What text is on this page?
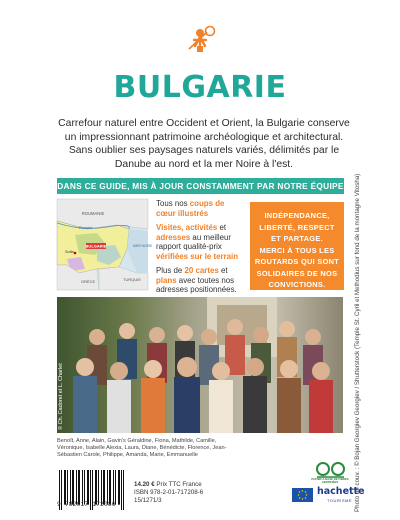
BULGARIE

Carrefour naturel entre Occident et Orient, la Bulgarie conserve un impressionnant patrimoine archéologique et architectural. Sans oublier ses paysages naturels variés, délimités par le Danube au nord et la mer Noire à l'est.

DANS CE GUIDE, MIS À JOUR CONSTAMMENT PAR NOTRE ÉQUIPE
BULGARIE
ROUMANIE
Danube
Sofia
MER NOIRE
TURQUIE
GRÈCE

Tous nos coups de cœur illustrés

Visites, activités et adresses au meilleur rapport qualité-prix vérifiées sur le terrain

Plus de 20 cartes et plans avec toutes nos adresses positionnées.

INDÉPENDANCE,
LIBERTÉ, RESPECT
ET PARTAGE.
MERCI À TOUS LES
ROUTARDS QUI SONT
SOLIDAIRES DE NOS
CONVICTIONS.
© Ch. Cadoret et L. Charlet
Benoît, Anne, Alain, Gavin's Géraldine, Fiona, Mathilde, Camille, Véronique, Isabelle Alexia, Laura, Diane, Bénédicte, Florence, Jean-Sébastien Carole, Philippe, Amanda, Marie, Emmanuelle
9 782017 172086
14.20 € Prix TTC France
ISBN 978-2-01-717208-6
15/1271/3
PAPIER À BASE DE FIBRES CERTIFIÉES
hachette
TOURISME Photo de couv. : © Bojan Georgiev Georgiev / Shutterstock (Temple St. Cyril et Methodius sur fond de la montagne Vitosha)
